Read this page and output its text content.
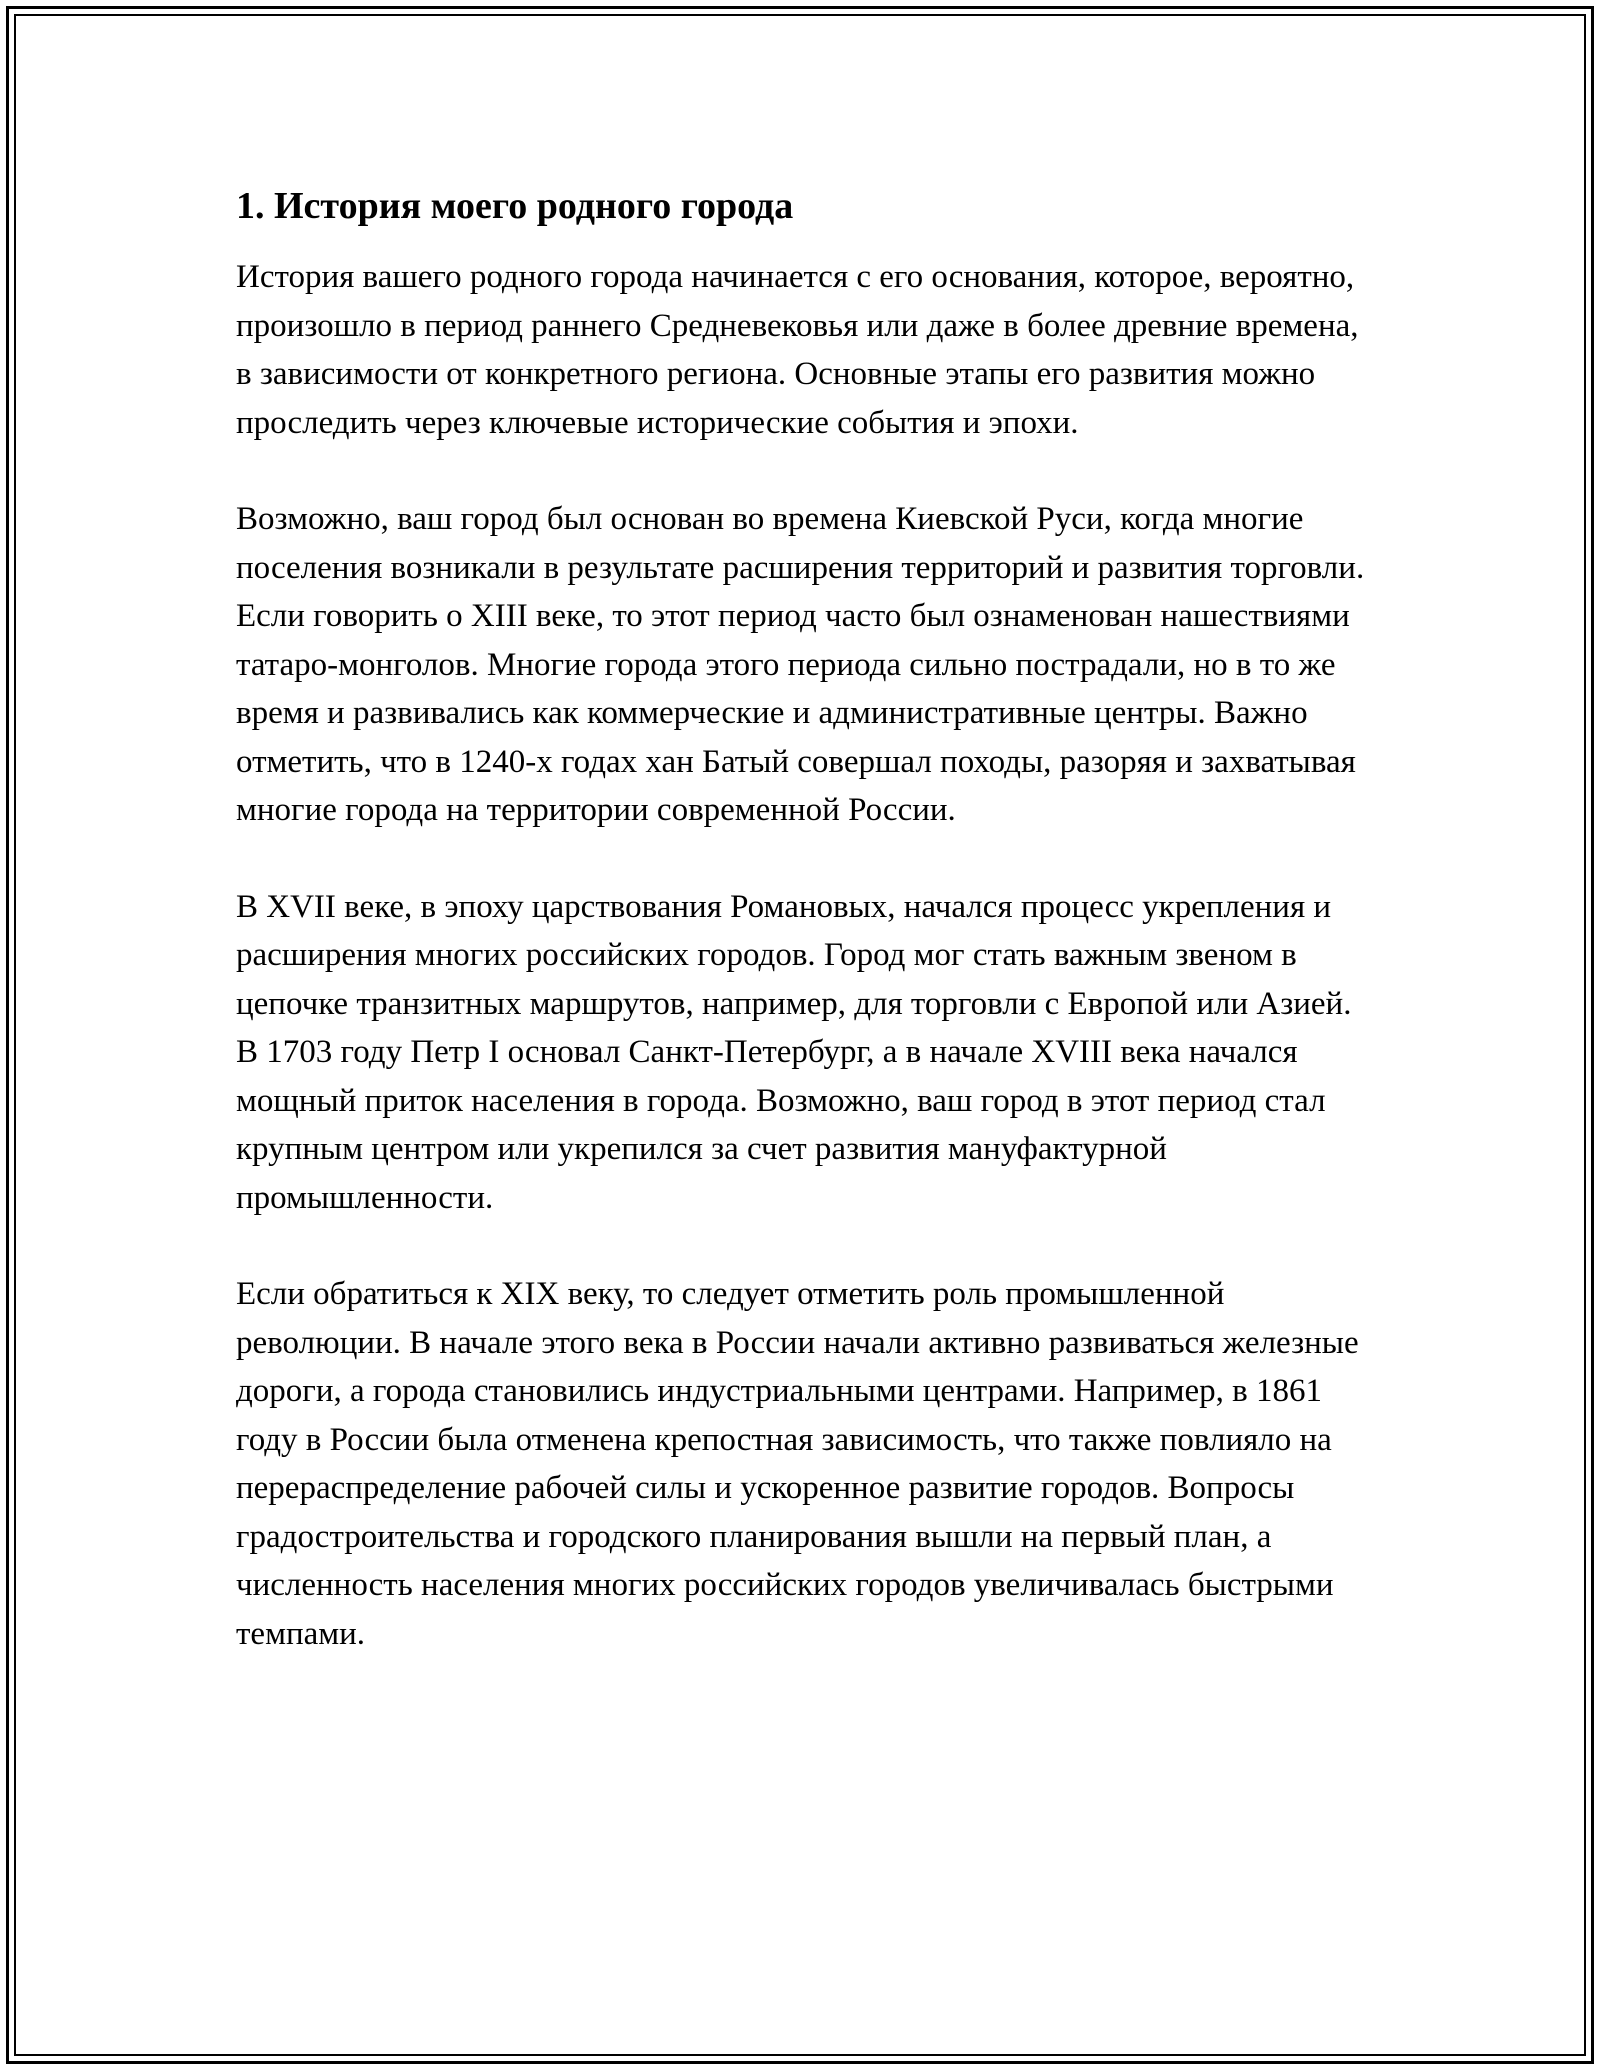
1. История моего родного города

История вашего родного города начинается с его основания, которое, вероятно, произошло в период раннего Средневековья или даже в более древние времена, в зависимости от конкретного региона. Основные этапы его развития можно проследить через ключевые исторические события и эпохи.

Возможно, ваш город был основан во времена Киевской Руси, когда многие поселения возникали в результате расширения территорий и развития торговли. Если говорить о XIII веке, то этот период часто был ознаменован нашествиями татаро-монголов. Многие города этого периода сильно пострадали, но в то же время и развивались как коммерческие и административные центры. Важно отметить, что в 1240-х годах хан Батый совершал походы, разоряя и захватывая многие города на территории современной России.

В XVII веке, в эпоху царствования Романовых, начался процесс укрепления и расширения многих российских городов. Город мог стать важным звеном в цепочке транзитных маршрутов, например, для торговли с Европой или Азией. В 1703 году Петр I основал Санкт-Петербург, а в начале XVIII века начался мощный приток населения в города. Возможно, ваш город в этот период стал крупным центром или укрепился за счет развития мануфактурной промышленности.

Если обратиться к XIX веку, то следует отметить роль промышленной революции. В начале этого века в России начали активно развиваться железные дороги, а города становились индустриальными центрами. Например, в 1861 году в России была отменена крепостная зависимость, что также повлияло на перераспределение рабочей силы и ускоренное развитие городов. Вопросы градостроительства и городского планирования вышли на первый план, а численность населения многих российских городов увеличивалась быстрыми темпами.
